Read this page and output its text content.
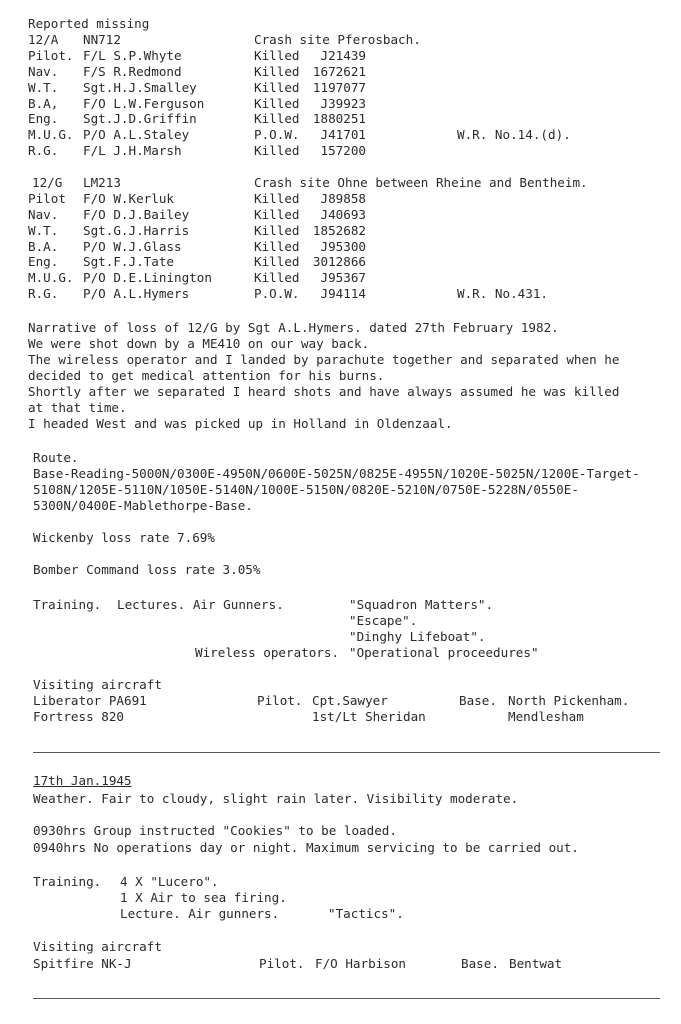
Reported missing
12/A NN712	Crash site Pferosbach.
Pilot. F/L S.P.Whyte	Killed	J21439
Nav. F/S R.Redmond	Killed 1672621
W.T. Sgt.H.J.Smalley	Killed 1197077
B.A, F/O L.W.Ferguson	Killed	J39923
Eng. Sgt.J.D.Griffin	Killed 1880251
M.U.G. P/O A.L.Staley	P.O.W.	J41701	W.R. No.14.(d).
R.G. F/L J.H.Marsh	Killed	157200
12/G LM213	Crash site Ohne between Rheine and Bentheim.
Pilot F/O W.Kerluk	Killed	J89858
Nav. F/O D.J.Bailey	Killed	J40693
W.T. Sgt.G.J.Harris	Killed 1852682
B.A. P/O W.J.Glass	Killed	J95300
Eng. Sgt.F.J.Tate	Killed 3012866
M.U.G. P/O D.E.Linington	Killed	J95367
R.G. P/O A.L.Hymers	P.O.W.	J94114	W.R. No.431.
Narrative of loss of 12/G by Sgt A.L.Hymers. dated 27th February 1982.
We were shot down by a ME410 on our way back.
The wireless operator and I landed by parachute together and separated when he
decided to get medical attention for his burns.
Shortly after we separated I heard shots and have always assumed he was killed
at that time.
I headed West and was picked up in Holland in Oldenzaal.
Route.
Base-Reading-5000N/0300E-4950N/0600E-5025N/0825E-4955N/1020E-5025N/1200E-Target-
5108N/1205E-5110N/1050E-5140N/1000E-5150N/0820E-5210N/0750E-5228N/0550E-
5300N/0400E-Mablethorpe-Base.
Wickenby loss rate 7.69%
Bomber Command loss rate 3.05%
Training. Lectures. Air Gunners.	"Squadron Matters".
"Escape".
"Dinghy Lifeboat".
Wireless operators. "Operational proceedures"
Visiting aircraft
Liberator PA691	Pilot. Cpt.Sawyer	Base. North Pickenham.
Fortress 820	1st/Lt Sheridan	Mendlesham
17th Jan.1945
Weather. Fair to cloudy, slight rain later. Visibility moderate.
0930hrs Group instructed "Cookies" to be loaded.
0940hrs No operations day or night. Maximum servicing to be carried out.
Training. 4 X "Lucero".
1 X Air to sea firing.
Lecture. Air gunners.	"Tactics".
Visiting aircraft
Spitfire NK-J	Pilot. F/O Harbison	Base. Bentwat
